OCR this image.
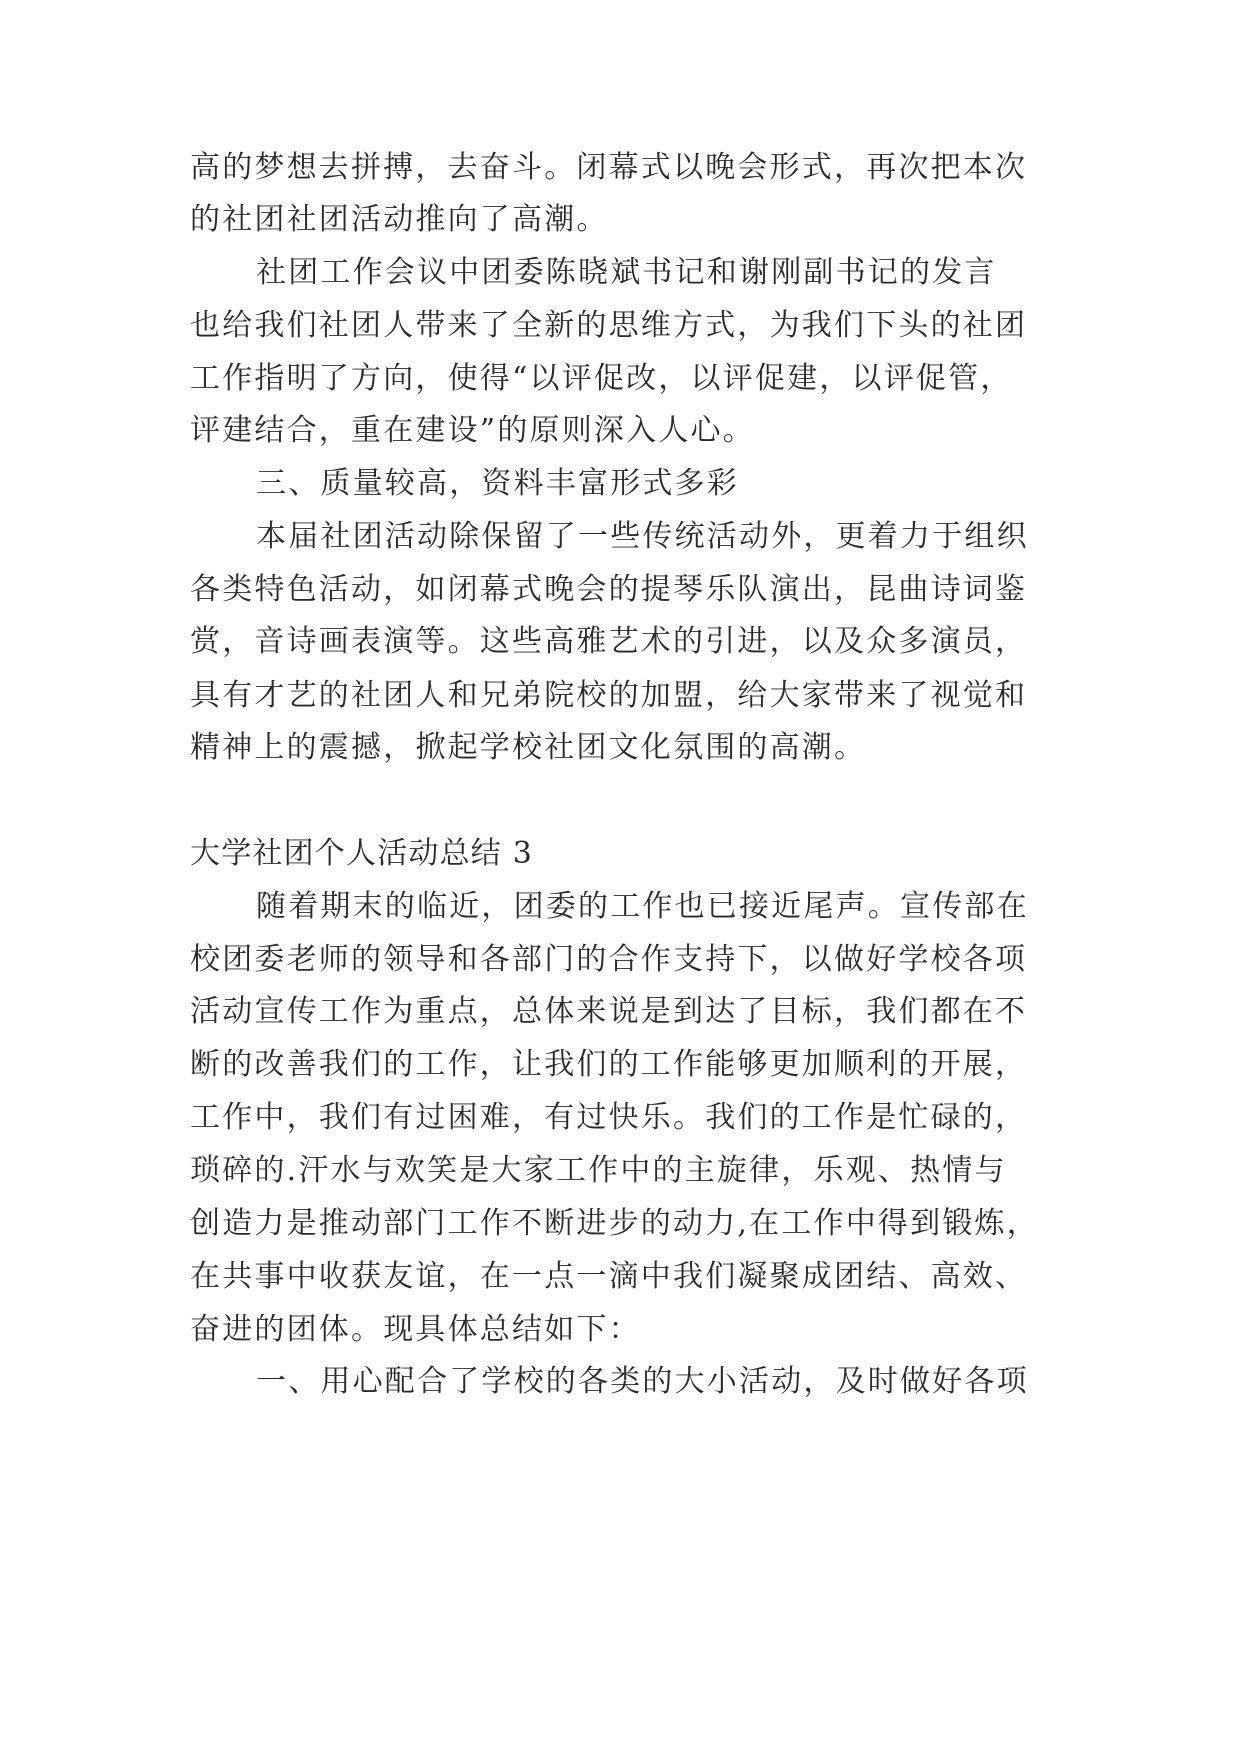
高的梦想去拼搏，去奋斗。闭幕式以晚会形式，再次把本次
的社团社团活动推向了高潮。
社团工作会议中团委陈晓斌书记和谢刚副书记的发言
也给我们社团人带来了全新的思维方式，为我们下头的社团
工作指明了方向，使得“以评促改，以评促建，以评促管，
评建结合，重在建设”的原则深入人心。
三、质量较高，资料丰富形式多彩
本届社团活动除保留了一些传统活动外，更着力于组织
各类特色活动，如闭幕式晚会的提琴乐队演出，昆曲诗词鉴
赏，音诗画表演等。这些高雅艺术的引进，以及众多演员，
具有才艺的社团人和兄弟院校的加盟，给大家带来了视觉和
精神上的震撼，掀起学校社团文化氛围的高潮。
大学社团个人活动总结 3
随着期末的临近，团委的工作也已接近尾声。宣传部在
校团委老师的领导和各部门的合作支持下，以做好学校各项
活动宣传工作为重点，总体来说是到达了目标，我们都在不
断的改善我们的工作，让我们的工作能够更加顺利的开展，
工作中，我们有过困难，有过快乐。我们的工作是忙碌的，
琐碎的.汗水与欢笑是大家工作中的主旋律，乐观、热情与
创造力是推动部门工作不断进步的动力,在工作中得到锻炼，
在共事中收获友谊，在一点一滴中我们凝聚成团结、高效、
奋进的团体。现具体总结如下：
一、用心配合了学校的各类的大小活动，及时做好各项
